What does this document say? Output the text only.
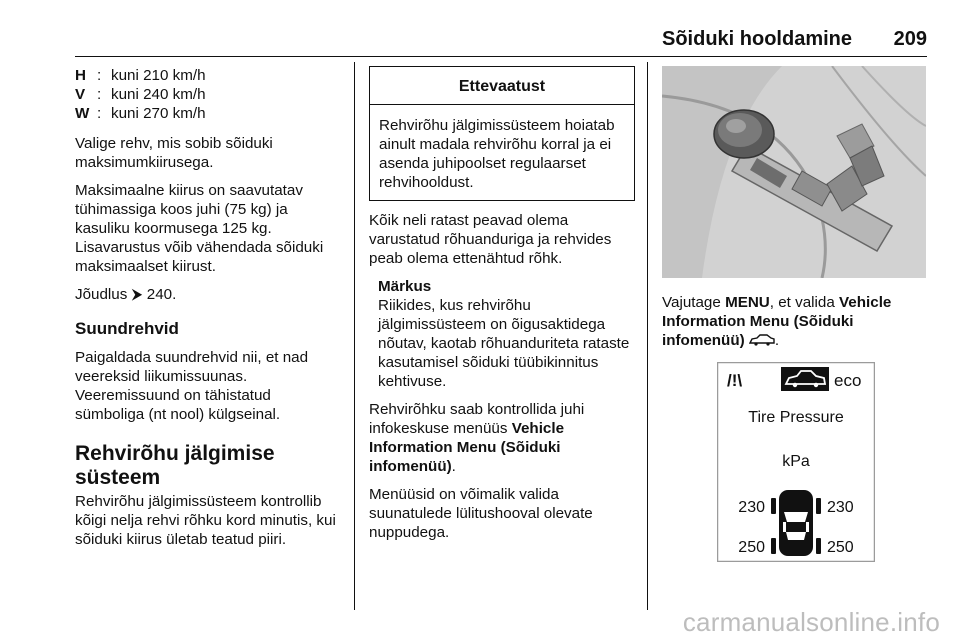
Sõiduki hooldamine 209
H : kuni 210 km/h
V : kuni 240 km/h
W : kuni 270 km/h

Valige rehv, mis sobib sõiduki maksimumkiirusega.

Maksimaalne kiirus on saavutatav tühimassiga koos juhi (75 kg) ja kasuliku koormusega 125 kg. Lisavarustus võib vähendada sõiduki maksimaalset kiirust.

Jõudlus ⮞ 240.

Suundrehvid

Paigaldada suundrehvid nii, et nad veereksid liikumissuunas. Veeremissuund on tähistatud sümboliga (nt nool) külgseinal.

Rehvirõhu jälgimise süsteem

Rehvirõhu jälgimissüsteem kontrollib kõigi nelja rehvi rõhku kord minutis, kui sõiduki kiirus ületab teatud piiri.

Ettevaatust
Rehvirõhu jälgimissüsteem hoiatab ainult madala rehvirõhu korral ja ei asenda juhipoolset regulaarset rehvihooldust.

Kõik neli ratast peavad olema varustatud rõhuanduriga ja rehvides peab olema ettenähtud rõhk.

Märkus
Riikides, kus rehvirõhu jälgimissüsteem on õigusaktidega nõutav, kaotab rõhuanduriteta rataste kasutamisel sõiduki tüübikinnitus kehtivuse.

Rehvirõhku saab kontrollida juhi infokeskuse menüüs Vehicle Information Menu (Sõiduki infomenüü).

Menüüsid on võimalik valida suunatulede lülitushooval olevate nuppudega.

Vajutage MENU, et valida Vehicle Information Menu (Sõiduki infomenüü) .

/!\	eco
Tire Pressure
kPa
230	230
250	250
carmanualsonline.info
